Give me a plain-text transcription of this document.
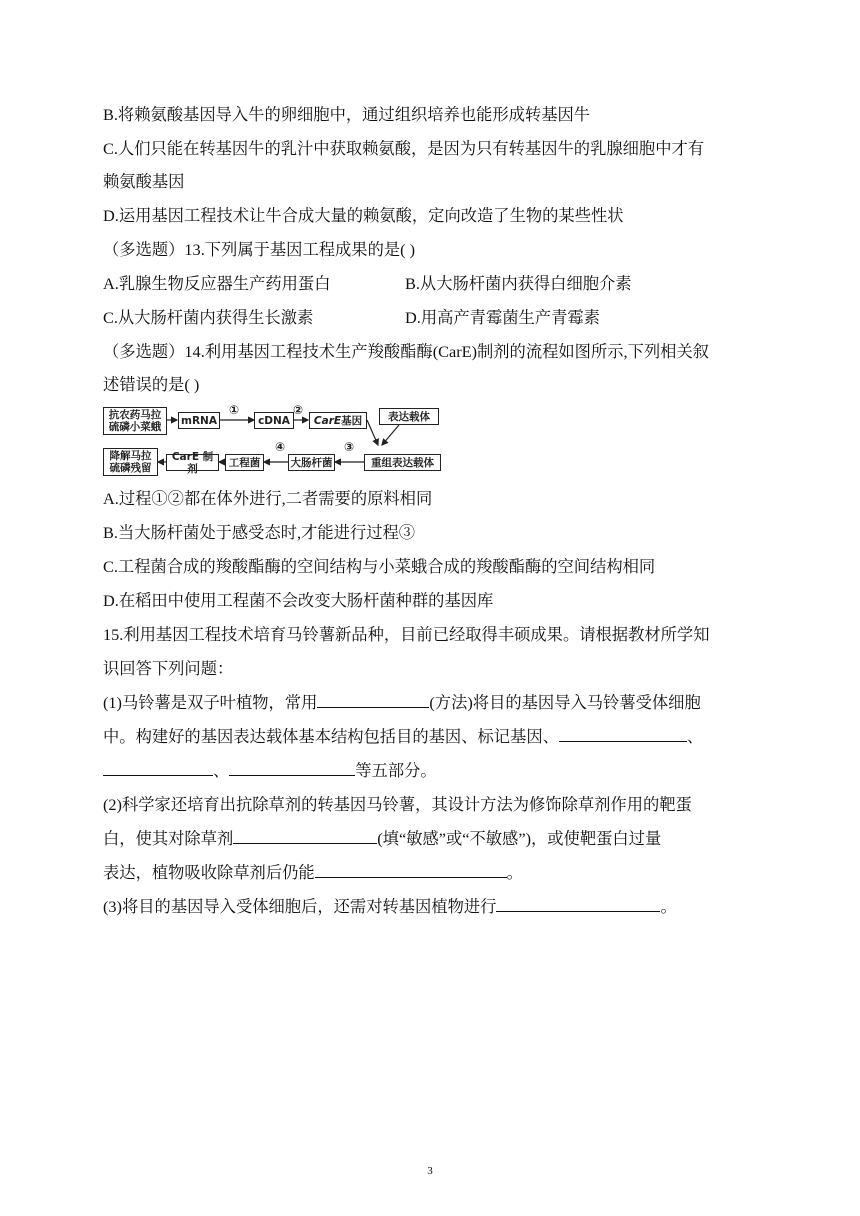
B.将赖氨酸基因导入牛的卵细胞中，通过组织培养也能形成转基因牛
C.人们只能在转基因牛的乳汁中获取赖氨酸，是因为只有转基因牛的乳腺细胞中才有
赖氨酸基因
D.运用基因工程技术让牛合成大量的赖氨酸，定向改造了生物的某些性状
（多选题）13.下列属于基因工程成果的是( )
A.乳腺生物反应器生产药用蛋白	B.从大肠杆菌内获得白细胞介素
C.从大肠杆菌内获得生长激素	D.用高产青霉菌生产青霉素
（多选题）14.利用基因工程技术生产羧酸酯酶(CarE)制剂的流程如图所示,下列相关叙
述错误的是( )
抗农药马拉
硫磷小菜蛾
mRNA
①
cDNA
②
CarE 基因	表达载体
③
重组表达载体
④
大肠杆菌
工程菌
CarE 制剂
降解马拉
硫磷残留
A.过程①②都在体外进行,二者需要的原料相同
B.当大肠杆菌处于感受态时,才能进行过程③
C.工程菌合成的羧酸酯酶的空间结构与小菜蛾合成的羧酸酯酶的空间结构相同
D.在稻田中使用工程菌不会改变大肠杆菌种群的基因库
15.利用基因工程技术培育马铃薯新品种，目前已经取得丰硕成果。请根据教材所学知
识回答下列问题：
(1)马铃薯是双子叶植物，常用	(方法)将目的基因导入马铃薯受体细胞
中。构建好的基因表达载体基本结构包括目的基因、标记基因、	、
、	等五部分。
(2)科学家还培育出抗除草剂的转基因马铃薯，其设计方法为修饰除草剂作用的靶蛋
白，使其对除草剂	(填“敏感”或“不敏感”)，或使靶蛋白过量
表达，植物吸收除草剂后仍能	。
(3)将目的基因导入受体细胞后，还需对转基因植物进行	。
3
